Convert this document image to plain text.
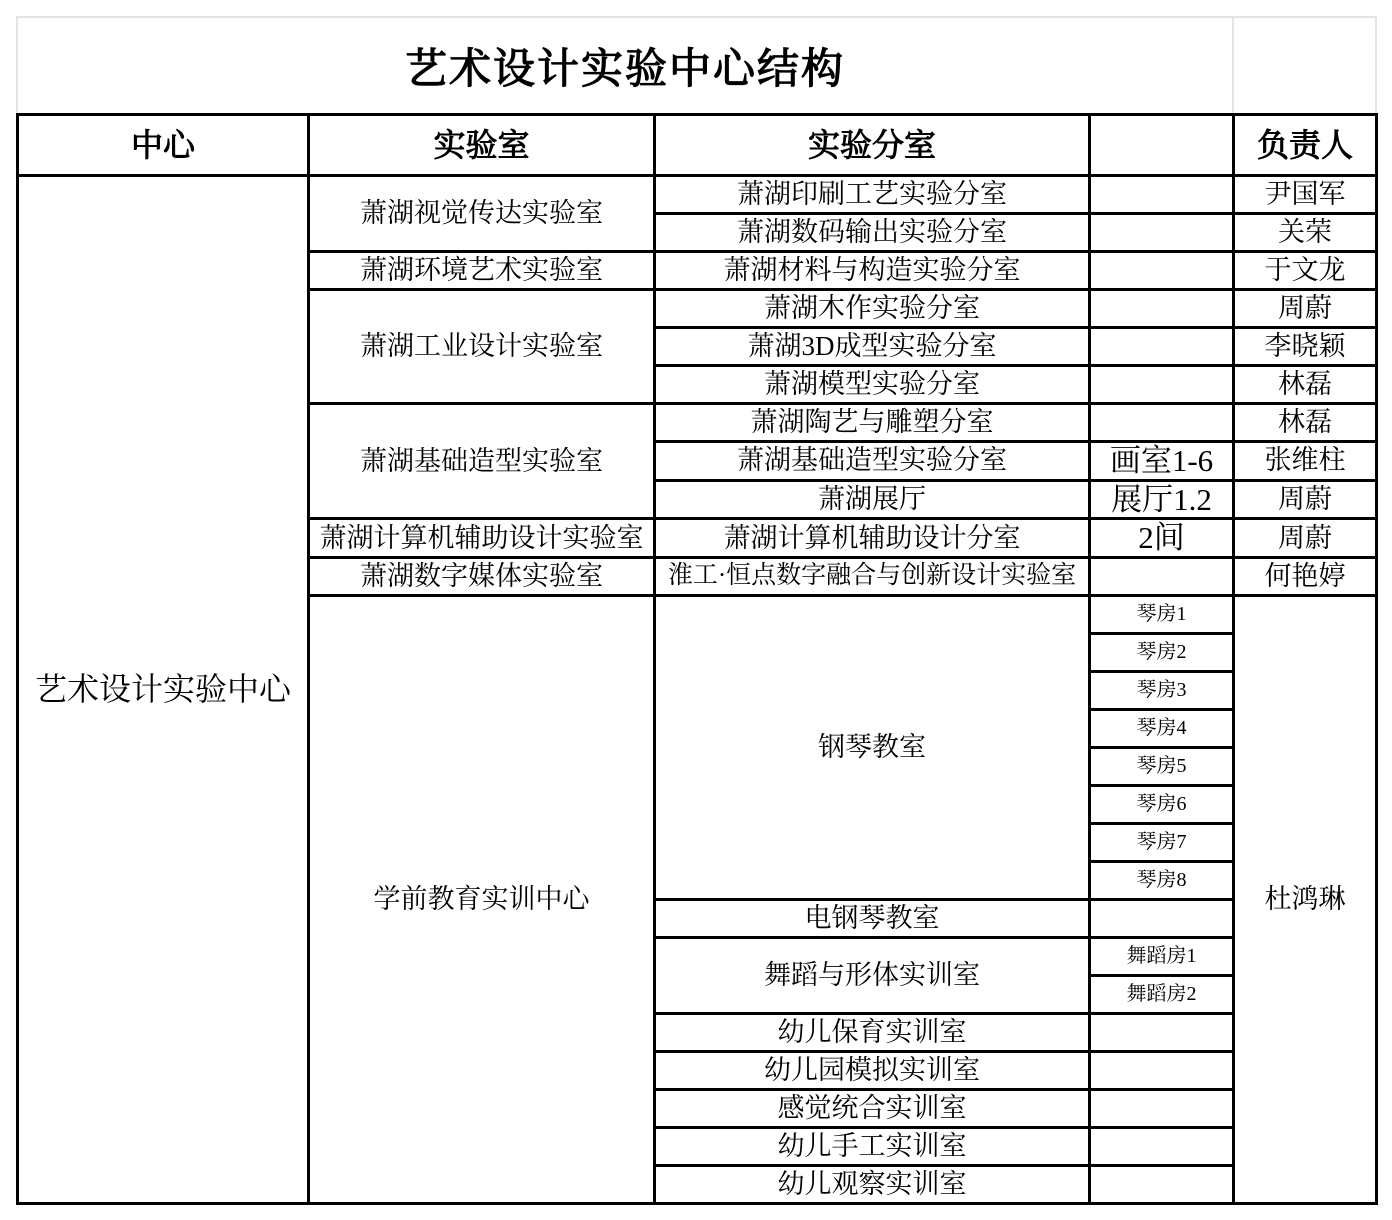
艺术设计实验中心结构
中心	实验室	实验分室		负责人
艺术设计实验中心	萧湖视觉传达实验室	萧湖印刷工艺实验分室		尹国军
		萧湖数码输出实验分室		关荣
	萧湖环境艺术实验室	萧湖材料与构造实验分室		于文龙
	萧湖工业设计实验室	萧湖木作实验分室		周蔚
		萧湖3D成型实验分室		李晓颖
		萧湖模型实验分室		林磊
	萧湖基础造型实验室	萧湖陶艺与雕塑分室		林磊
		萧湖基础造型实验分室	画室1-6	张维柱
		萧湖展厅	展厅1.2	周蔚
	萧湖计算机辅助设计实验室	萧湖计算机辅助设计分室	2间	周蔚
	萧湖数字媒体实验室	淮工·恒点数字融合与创新设计实验室		何艳婷
	学前教育实训中心	钢琴教室	琴房1	杜鸿琳
			琴房2	
			琴房3	
			琴房4	
			琴房5	
			琴房6	
			琴房7	
			琴房8	
		电钢琴教室		
		舞蹈与形体实训室	舞蹈房1	
			舞蹈房2	
		幼儿保育实训室		
		幼儿园模拟实训室		
		感觉统合实训室		
		幼儿手工实训室		
		幼儿观察实训室		
